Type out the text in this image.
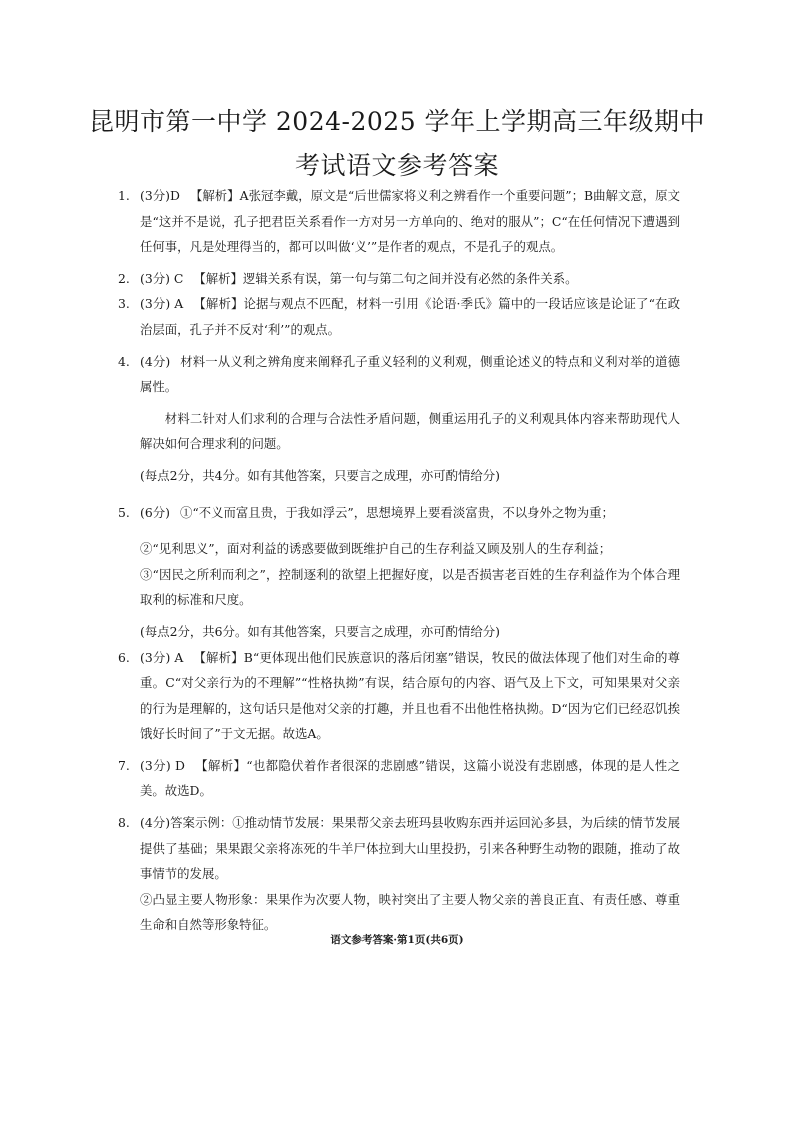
昆明市第一中学 2024-2025 学年上学期高三年级期中
考试语文参考答案
1. (3分)D 【解析】A张冠李戴，原文是“后世儒家将义利之辨看作一个重要问题”；B曲解文意，原文是“这并不是说，孔子把君臣关系看作一方对另一方单向的、绝对的服从”；C“在任何情况下遭遇到任何事，凡是处理得当的，都可以叫做‘义’”是作者的观点，不是孔子的观点。
2. (3分) C 【解析】逻辑关系有误，第一句与第二句之间并没有必然的条件关系。
3. (3分) A 【解析】论据与观点不匹配，材料一引用《论语·季氏》篇中的一段话应该是论证了“在政治层面，孔子并不反对‘利’”的观点。
4. (4分) 材料一从义利之辨角度来阐释孔子重义轻利的义利观，侧重论述义的特点和义利对举的道德属性。
材料二针对人们求利的合理与合法性矛盾问题，侧重运用孔子的义利观具体内容来帮助现代人解决如何合理求利的问题。
(每点2分，共4分。如有其他答案，只要言之成理，亦可酌情给分)
5. (6分) ①“不义而富且贵，于我如浮云”，思想境界上要看淡富贵，不以身外之物为重；
②“见利思义”，面对利益的诱惑要做到既维护自己的生存利益又顾及别人的生存利益；
③“因民之所利而利之”，控制逐利的欲望上把握好度，以是否损害老百姓的生存利益作为个体合理取利的标准和尺度。
(每点2分，共6分。如有其他答案，只要言之成理，亦可酌情给分)
6. (3分) A 【解析】B“更体现出他们民族意识的落后闭塞”错误，牧民的做法体现了他们对生命的尊重。C“对父亲行为的不理解”“性格执拗”有误，结合原句的内容、语气及上下文，可知果果对父亲的行为是理解的，这句话只是他对父亲的打趣，并且也看不出他性格执拗。D“因为它们已经忍饥挨饿好长时间了”于文无据。故选A。
7. (3分) D 【解析】“也都隐伏着作者很深的悲剧感”错误，这篇小说没有悲剧感，体现的是人性之美。故选D。
8. (4分)答案示例：①推动情节发展：果果帮父亲去班玛县收购东西并运回沁多县，为后续的情节发展提供了基础；果果跟父亲将冻死的牛羊尸体拉到大山里投扔，引来各种野生动物的跟随，推动了故事情节的发展。
②凸显主要人物形象：果果作为次要人物，映衬突出了主要人物父亲的善良正直、有责任感、尊重生命和自然等形象特征。
语文参考答案·第1页(共6页)
